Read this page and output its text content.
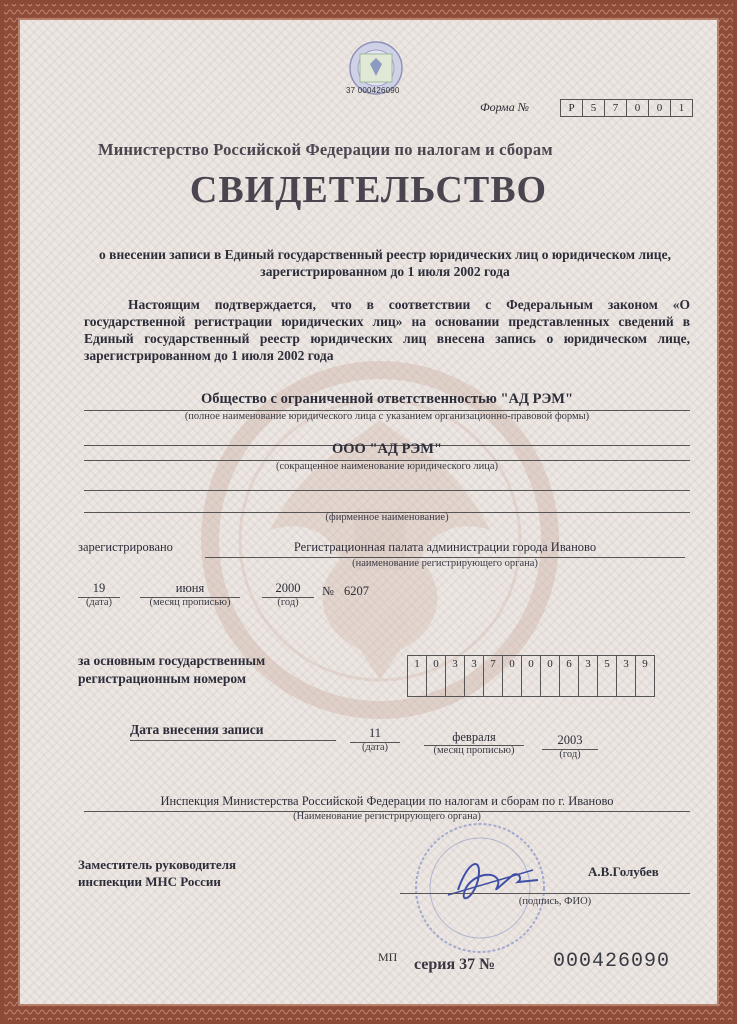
37 000426090
Форма №	Р	5	7	0	0	1
Министерство Российской Федерации по налогам и сборам
СВИДЕТЕЛЬСТВО
о внесении записи в Единый государственный реестр юридических лиц о юридическом лице, зарегистрированном до 1 июля 2002 года
Настоящим подтверждается, что в соответствии с Федеральным законом «О государственной регистрации юридических лиц» на основании представленных сведений в Единый государственный реестр юридических лиц внесена запись о юридическом лице, зарегистрированном до 1 июля 2002 года
Общество с ограниченной ответственностью "АД РЭМ"
(полное наименование юридического лица с указанием организационно-правовой формы)
ООО "АД РЭМ"
(сокращенное наименование юридического лица)
(фирменное наименование)
зарегистрировано	Регистрационная палата администрации города Иваново
(наименование регистрирующего органа)
19
(дата)
июня
(месяц прописью)
2000
(год)
№ 6207
за основным государственным
регистрационным номером
1	0	3	3	7	0	0	0	6	3	5	3	9
Дата внесения записи	11
(дата)
февраля
(месяц прописью)
2003
(год)
Инспекция Министерства Российской Федерации по налогам и сборам по г. Иваново
(Наименование регистрирующего органа)
Заместитель руководителя
инспекции МНС России
А.В.Голубев
(подпись, ФИО)
МП серия 37 №	000426090
